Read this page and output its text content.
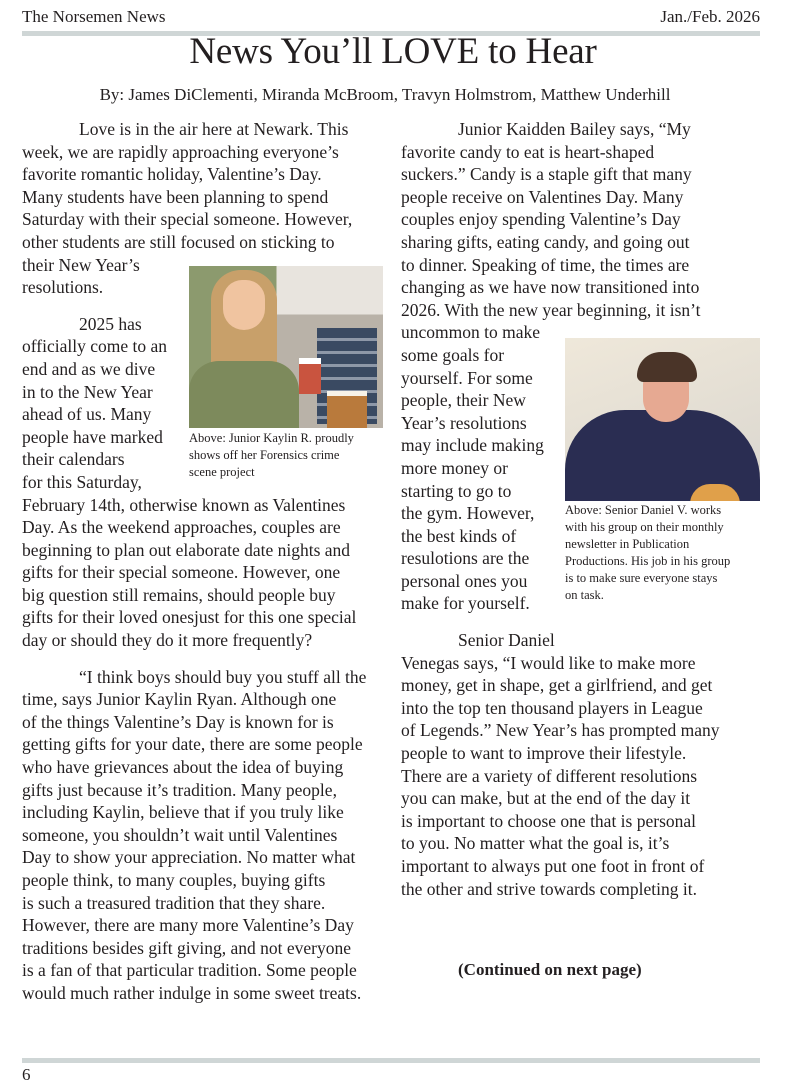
The Norsemen News	Jan./Feb. 2026
News You’ll LOVE to Hear
By: James DiClementi, Miranda McBroom, Travyn Holmstrom, Matthew Underhill
Love is in the air here at Newark. This
week, we are rapidly approaching everyone’s
favorite romantic holiday, Valentine’s Day.
Many students have been planning to spend
Saturday with their special someone. However,
other students are still focused on sticking to
their New Year’s
resolutions.
2025 has
officially come to an
end and as we dive
in to the New Year
ahead of us. Many
people have marked
their calendars
for this Saturday,
February 14th, otherwise known as Valentines
Day. As the weekend approaches, couples are
beginning to plan out elaborate date nights and
gifts for their special someone. However, one
big question still remains, should people buy
gifts for their loved onesjust for this one special
day or should they do it more frequently?
“I think boys should buy you stuff all the
time, says Junior Kaylin Ryan. Although one
of the things Valentine’s Day is known for is
getting gifts for your date, there are some people
who have grievances about the idea of buying
gifts just because it’s tradition. Many people,
including Kaylin, believe that if you truly like
someone, you shouldn’t wait until Valentines
Day to show your appreciation. No matter what
people think, to many couples, buying gifts
is such a treasured tradition that they share.
However, there are many more Valentine’s Day
traditions besides gift giving, and not everyone
is a fan of that particular tradition. Some people
would much rather indulge in some sweet treats.
Above: Junior Kaylin R. proudly
shows off her Forensics crime
scene project
Junior Kaidden Bailey says, “My
favorite candy to eat is heart-shaped
suckers.” Candy is a staple gift that many
people receive on Valentines Day. Many
couples enjoy spending Valentine’s Day
sharing gifts, eating candy, and going out
to dinner. Speaking of time, the times are
changing as we have now transitioned into
2026. With the new year beginning, it isn’t
uncommon to make
some goals for
yourself. For some
people, their New
Year’s resolutions
may include making
more money or
starting to go to
the gym. However,
the best kinds of
resulotions are the
personal ones you
make for yourself.
Senior Daniel
Venegas says, “I would like to make more
money, get in shape, get a girlfriend, and get
into the top ten thousand players in League
of Legends.” New Year’s has prompted many
people to want to improve their lifestyle.
There are a variety of different resolutions
you can make, but at the end of the day it
is important to choose one that is personal
to you. No matter what the goal is, it’s
important to always put one foot in front of
the other and strive towards completing it.
(Continued on next page)
Above: Senior Daniel V. works
with his group on their monthly
newsletter in Publication
Productions. His job in his group
is to make sure everyone stays
on task.
6
